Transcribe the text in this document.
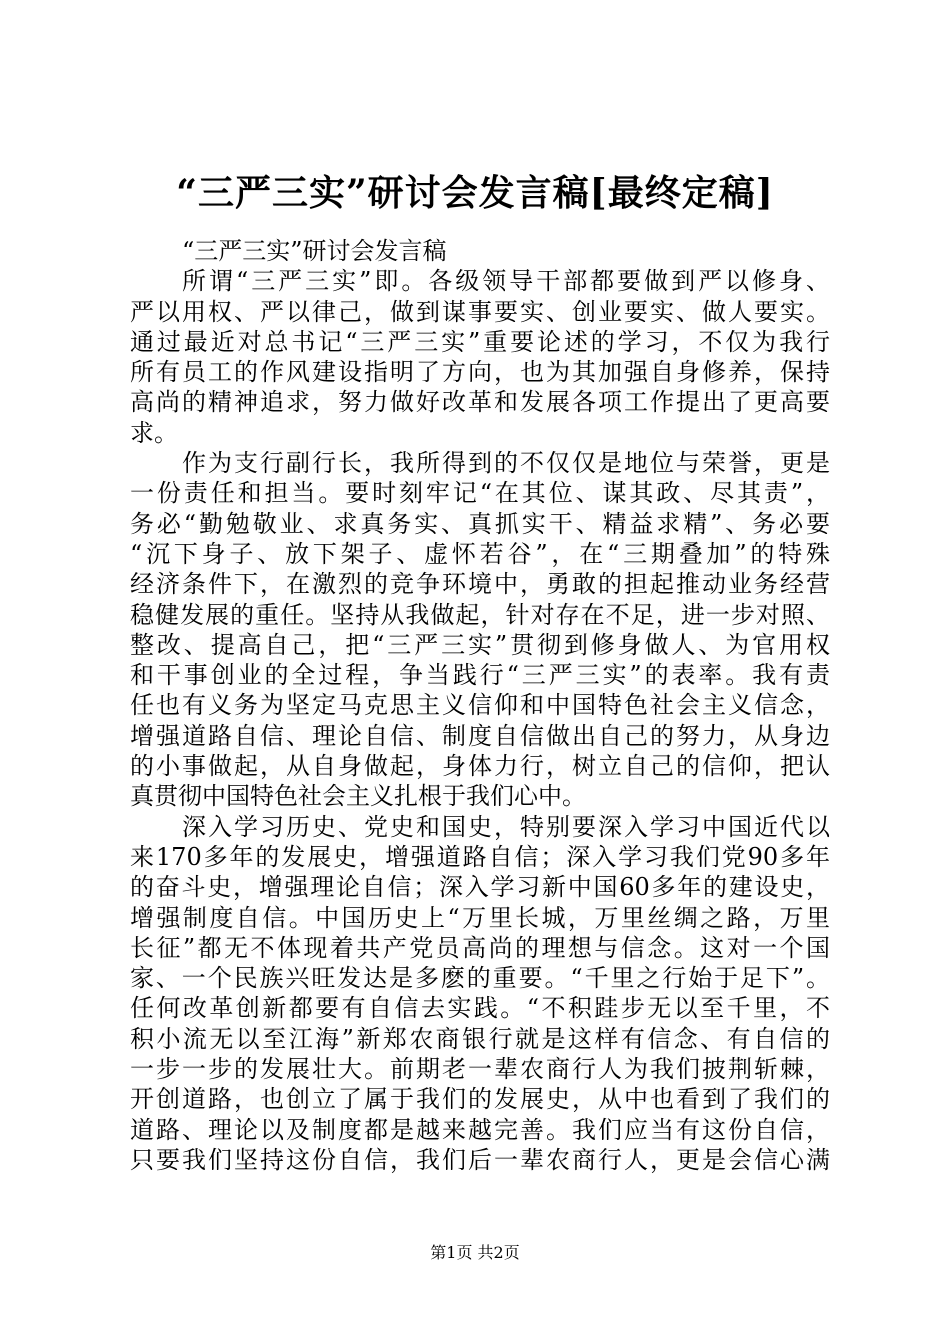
“三严三实”研讨会发言稿[最终定稿]
“三严三实”研讨会发言稿
所谓“三严三实”即。各级领导干部都要做到严以修身、
严以用权、严以律己，做到谋事要实、创业要实、做人要实。
通过最近对总书记“三严三实”重要论述的学习，不仅为我行
所有员工的作风建设指明了方向，也为其加强自身修养，保持
高尚的精神追求，努力做好改革和发展各项工作提出了更高要
求。
作为支行副行长，我所得到的不仅仅是地位与荣誉，更是
一份责任和担当。要时刻牢记“在其位、谋其政、尽其责”，
务必“勤勉敬业、求真务实、真抓实干、精益求精”、务必要
“沉下身子、放下架子、虚怀若谷”，在“三期叠加”的特殊
经济条件下，在激烈的竞争环境中，勇敢的担起推动业务经营
稳健发展的重任。坚持从我做起，针对存在不足，进一步对照、
整改、提高自己，把“三严三实”贯彻到修身做人、为官用权
和干事创业的全过程，争当践行“三严三实”的表率。我有责
任也有义务为坚定马克思主义信仰和中国特色社会主义信念，
增强道路自信、理论自信、制度自信做出自己的努力，从身边
的小事做起，从自身做起，身体力行，树立自己的信仰，把认
真贯彻中国特色社会主义扎根于我们心中。
深入学习历史、党史和国史，特别要深入学习中国近代以
来170多年的发展史，增强道路自信；深入学习我们党90多年
的奋斗史，增强理论自信；深入学习新中国60多年的建设史，
增强制度自信。中国历史上“万里长城，万里丝绸之路，万里
长征”都无不体现着共产党员高尚的理想与信念。这对一个国
家、一个民族兴旺发达是多麽的重要。“千里之行始于足下”。
任何改革创新都要有自信去实践。“不积跬步无以至千里，不
积小流无以至江海”新郑农商银行就是这样有信念、有自信的
一步一步的发展壮大。前期老一辈农商行人为我们披荆斩棘，
开创道路，也创立了属于我们的发展史，从中也看到了我们的
道路、理论以及制度都是越来越完善。我们应当有这份自信，
只要我们坚持这份自信，我们后一辈农商行人，更是会信心满
第1页 共2页
